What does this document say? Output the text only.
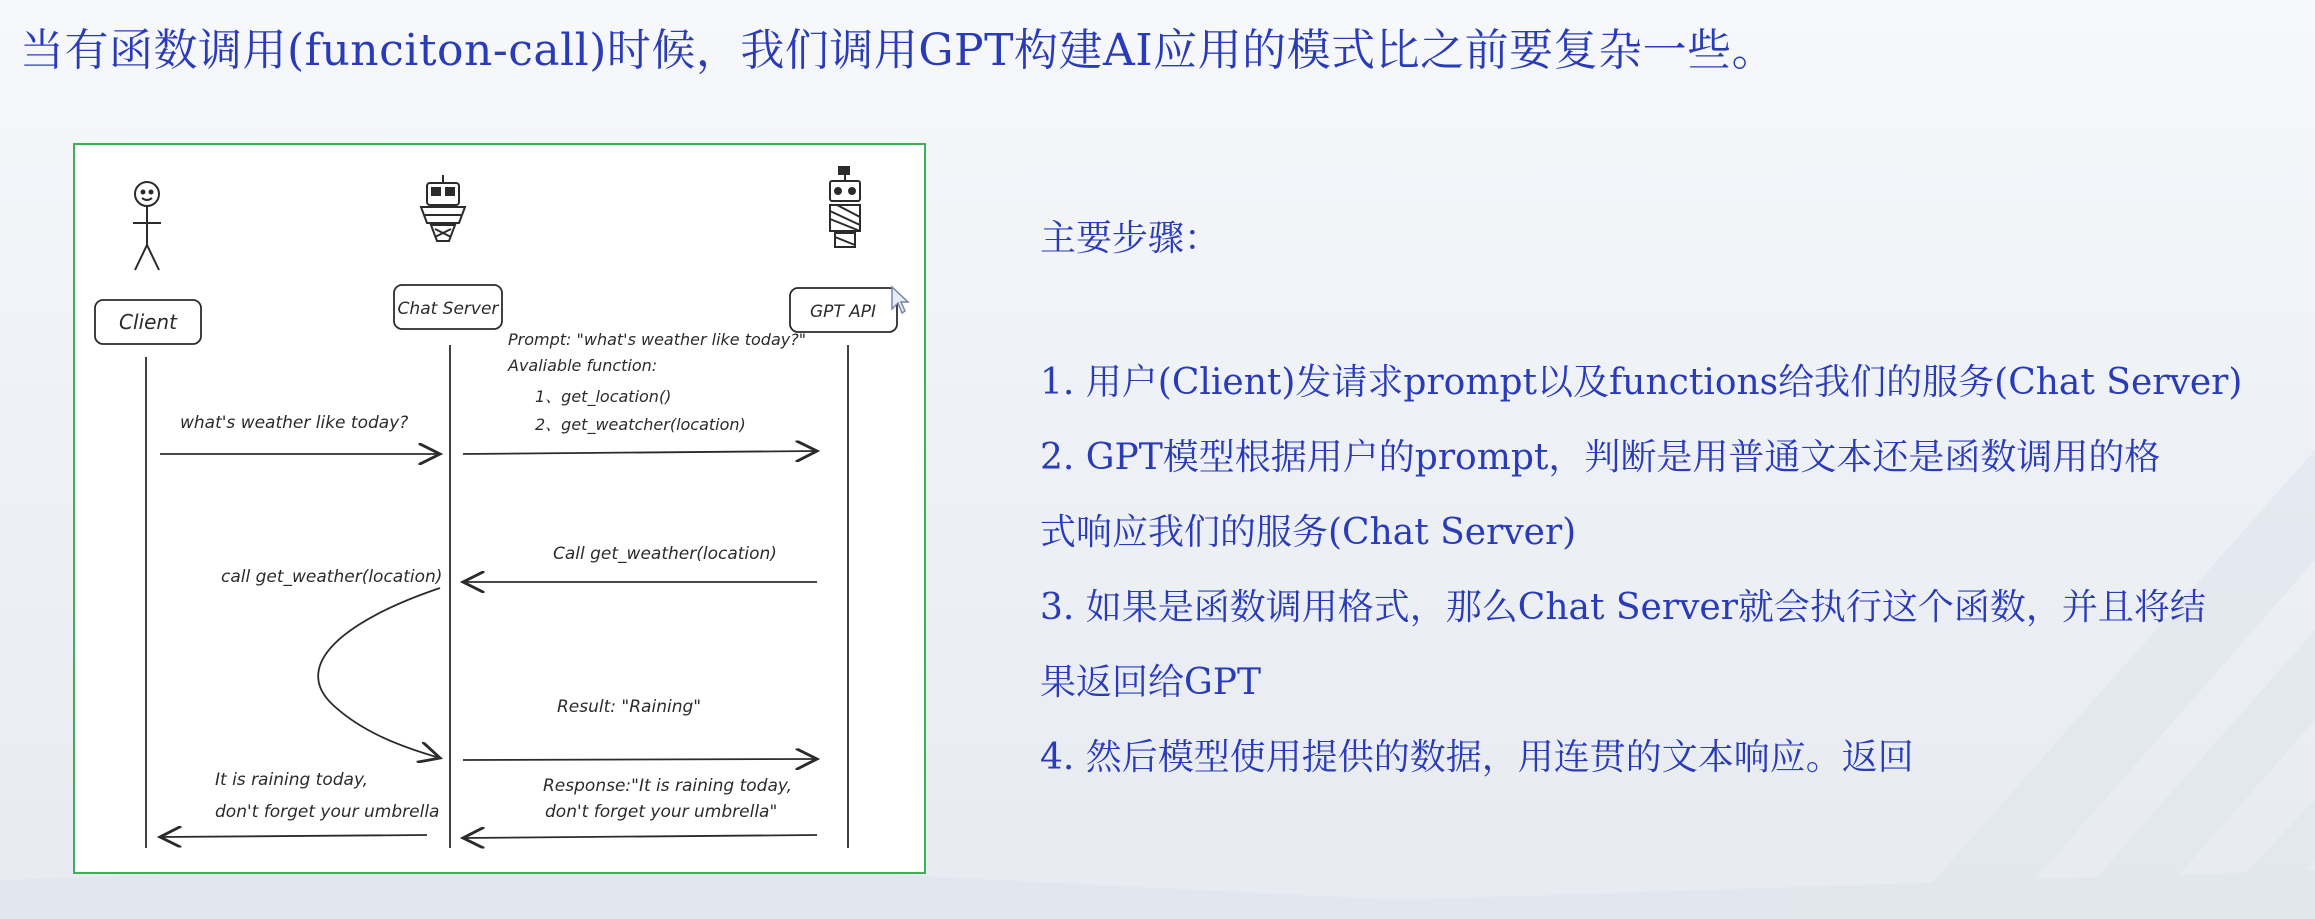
当有函数调用(funciton-call)时候，我们调用GPT构建AI应用的模式比之前要复杂一些。
Client
Chat Server	GPT API
what's weather like today?
Prompt: "what's weather like today?"
Avaliable function:
1、get_location()
2、get_weatcher(location)
Call get_weather(location)
call get_weather(location)
Result: "Raining"
Response:"It is raining today,
don't forget your umbrella"
It is raining today,
don't forget your umbrella
主要步骤：

1. 用户(Client)发请求prompt以及functions给我们的服务(Chat Server)

2. GPT模型根据用户的prompt，判断是用普通文本还是函数调用的格

式响应我们的服务(Chat Server)

3. 如果是函数调用格式，那么Chat Server就会执行这个函数，并且将结

果返回给GPT

4. 然后模型使用提供的数据，用连贯的文本响应。返回
